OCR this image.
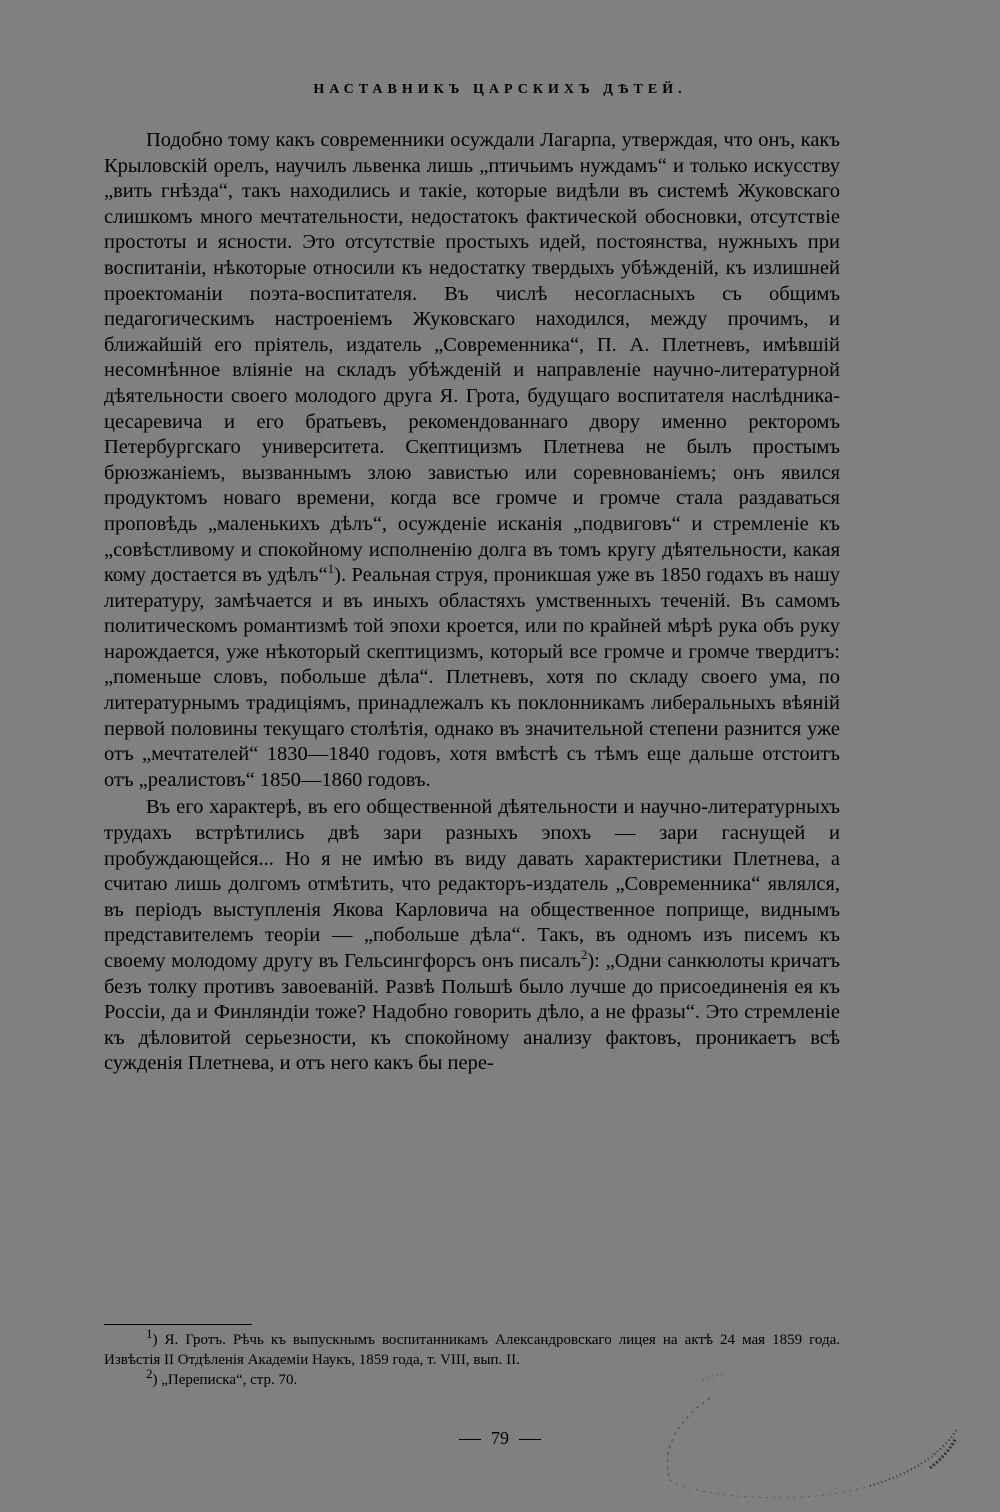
НАСТАВНИКЪ ЦАРСКИХЪ ДѢТЕЙ.

Подобно тому какъ современники осуждали Лагарпа, утверждая, что онъ, какъ Крыловскій орелъ, научилъ львенка лишь „птичьимъ нуждамъ“ и только искусству „вить гнѣзда“, такъ находились и такіе, которые видѣли въ системѣ Жуковскаго слишкомъ много мечтательности, недостатокъ фактической обосновки, отсутствіе простоты и ясности. Это отсутствіе простыхъ идей, постоянства, нужныхъ при воспитаніи, нѣкоторые относили къ недостатку твердыхъ убѣжденій, къ излишней проектоманіи поэта-воспитателя. Въ числѣ несогласныхъ съ общимъ педагогическимъ настроеніемъ Жуковскаго находился, между прочимъ, и ближайшій его пріятель, издатель „Современника“, П. А. Плетневъ, имѣвшій несомнѣнное вліяніе на складъ убѣжденій и направленіе научно-литературной дѣятельности своего молодого друга Я. Грота, будущаго воспитателя наслѣдника-цесаревича и его братьевъ, рекомендованнаго двору именно ректоромъ Петербургскаго университета. Скептицизмъ Плетнева не былъ простымъ брюзжаніемъ, вызваннымъ злою завистью или соревнованіемъ; онъ явился продуктомъ новаго времени, когда все громче и громче стала раздаваться проповѣдь „маленькихъ дѣлъ“, осужденіе исканія „подвиговъ“ и стремленіе къ „совѣстливому и спокойному исполненію долга въ томъ кругу дѣятельности, какая кому достается въ удѣлъ“$^1$). Реальная струя, проникшая уже въ 1850 годахъ въ нашу литературу, замѣчается и въ иныхъ областяхъ умственныхъ теченій. Въ самомъ политическомъ романтизмѣ той эпохи кроется, или по крайней мѣрѣ рука объ руку нарождается, уже нѣкоторый скептицизмъ, который все громче и громче твердитъ: „поменьше словъ, побольше дѣла“. Плетневъ, хотя по складу своего ума, по литературнымъ традиціямъ, принадлежалъ къ поклонникамъ либеральныхъ вѣяній первой половины текущаго столѣтія, однако въ значительной степени разнится уже отъ „мечтателей“ 1830—1840 годовъ, хотя вмѣстѣ съ тѣмъ еще дальше отстоитъ отъ „реалистовъ“ 1850—1860 годовъ.

Въ его характерѣ, въ его общественной дѣятельности и научно-литературныхъ трудахъ встрѣтились двѣ зари разныхъ эпохъ — зари гаснущей и пробуждающейся... Но я не имѣю въ виду давать характеристики Плетнева, а считаю лишь долгомъ отмѣтить, что редакторъ-издатель „Современника“ являлся, въ періодъ выступленія Якова Карловича на общественное поприще, виднымъ представителемъ теоріи — „побольше дѣла“. Такъ, въ одномъ изъ писемъ къ своему молодому другу въ Гельсингфорсъ онъ писалъ$^2$): „Одни санкюлоты кричатъ безъ толку противъ завоеваній. Развѣ Польшѣ было лучше до присоединенія ея къ Россіи, да и Финляндіи тоже? Надобно говорить дѣло, а не фразы“. Это стремленіе къ дѣловитой серьезности, къ спокойному анализу фактовъ, проникаетъ всѣ сужденія Плетнева, и отъ него какъ бы пере-

$^1$) Я. Гротъ. Рѣчь къ выпускнымъ воспитанникамъ Александровскаго лицея на актѣ 24 мая 1859 года. Извѣстія II Отдѣленія Академіи Наукъ, 1859 года, т. VIII, вып. II.

$^2$) „Переписка“, стр. 70.

79
